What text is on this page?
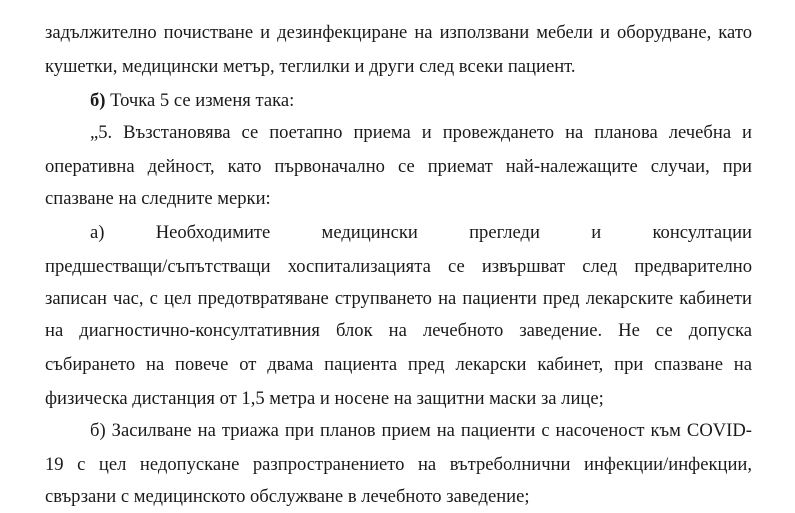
задължително почистване и дезинфекциране на използвани мебели и оборудване, като
кушетки, медицински метър, теглилки и други след всеки пациент.
б) Точка 5 се изменя така:
„5. Възстановява се поетапно приема и провеждането на планова лечебна и
оперативна дейност, като първоначално се приемат най-належащите случаи, при
спазване на следните мерки:
а) Необходимите медицински прегледи и консултации
предшестващи/съпътстващи хоспитализацията се извършват след предварително
записан час, с цел предотвратяване струпването на пациенти пред лекарските кабинети
на диагностично-консултативния блок на лечебното заведение. Не се допуска
събирането на повече от двама пациента пред лекарски кабинет, при спазване на
физическа дистанция от 1,5 метра и носене на защитни маски за лице;
б) Засилване на триажа при планов прием на пациенти с насоченост към COVID-
19 с цел недопускане разпространението на вътреболнични инфекции/инфекции,
свързани с медицинското обслужване в лечебното заведение;
